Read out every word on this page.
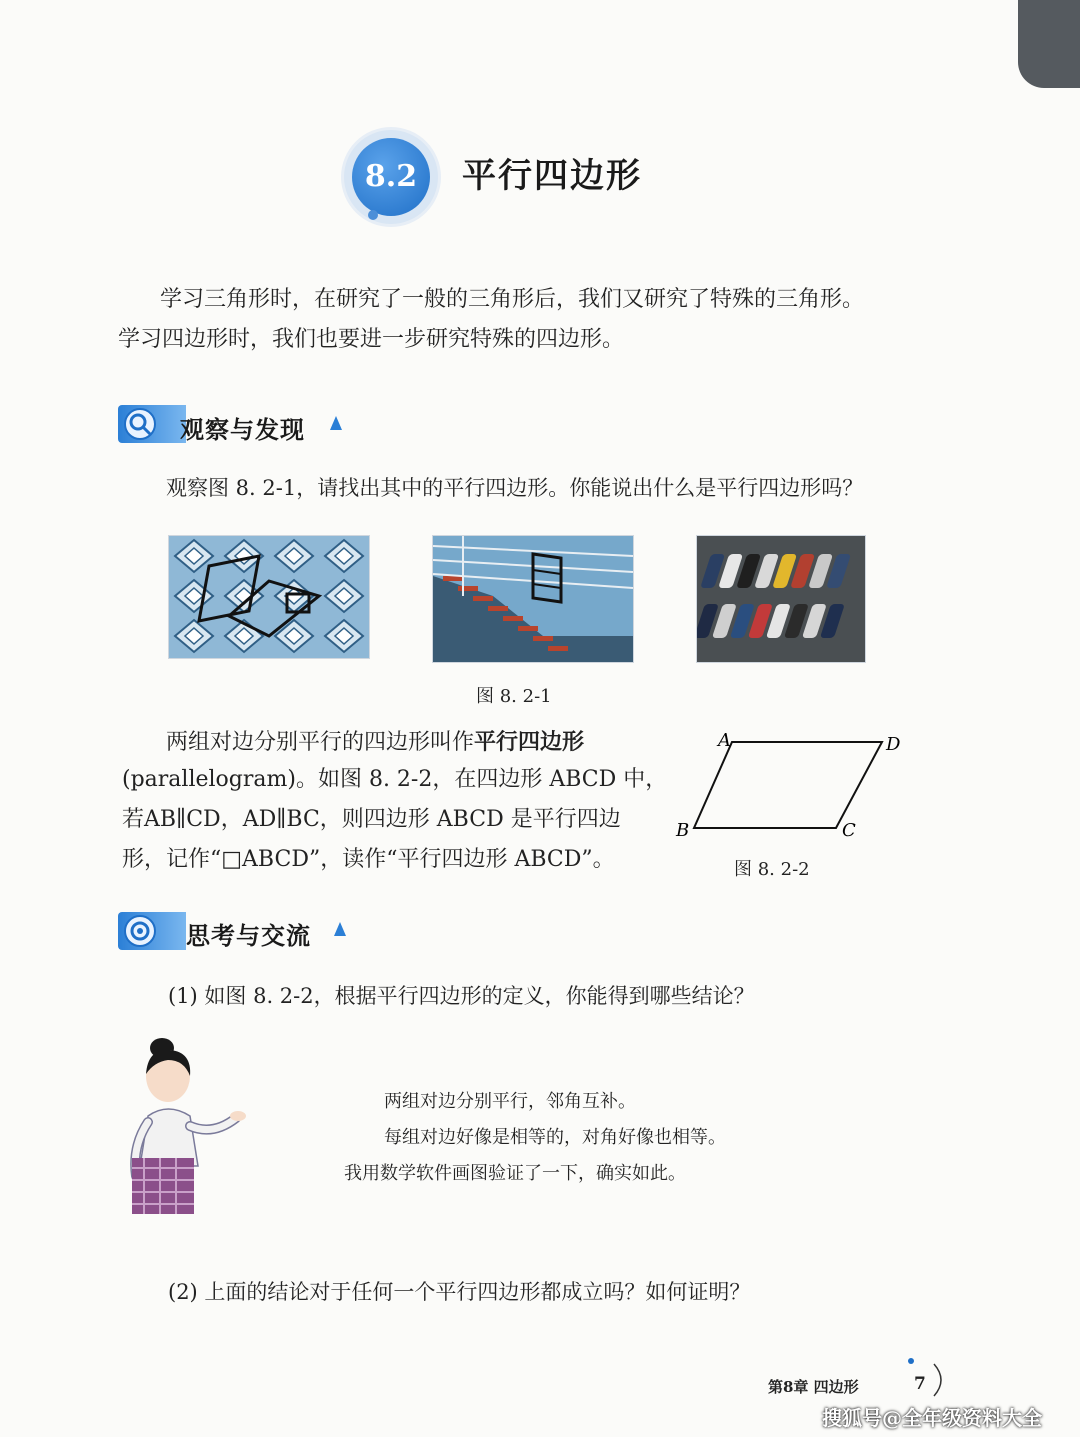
8.2	平行四边形
学习三角形时，在研究了一般的三角形后，我们又研究了特殊的三角形。
学习四边形时，我们也要进一步研究特殊的四边形。
观察与发现
观察图 8. 2-1，请找出其中的平行四边形。你能说出什么是平行四边形吗？
图 8. 2-1
两组对边分别平行的四边形叫作平行四边形
(parallelogram)。如图 8. 2-2，在四边形 ABCD 中，
若AB∥CD，AD∥BC，则四边形 ABCD 是平行四边
形，记作“□ABCD”，读作“平行四边形 ABCD”。
A	D
B	C
图 8. 2-2
思考与交流
(1) 如图 8. 2-2，根据平行四边形的定义，你能得到哪些结论？
两组对边分别平行，邻角互补。
每组对边好像是相等的，对角好像也相等。
我用数学软件画图验证了一下，确实如此。
(2) 上面的结论对于任何一个平行四边形都成立吗？如何证明？
第8章 四边形	7
搜狐号@全年级资料大全
